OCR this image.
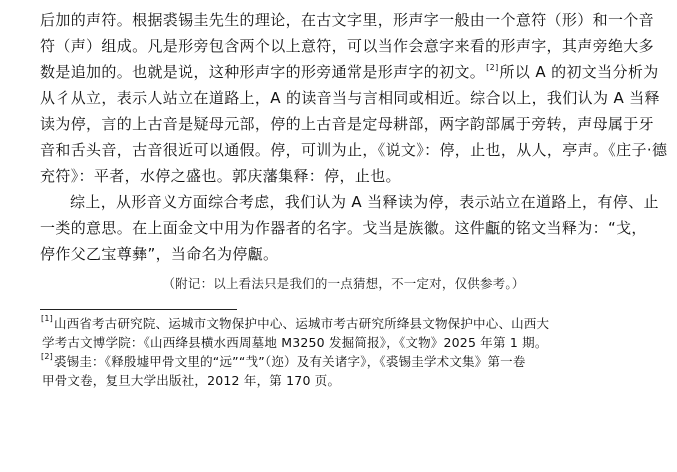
后加的声符。根据裘锡圭先生的理论，在古文字里，形声字一般由一个意符（形）和一个音
符（声）组成。凡是形旁包含两个以上意符，可以当作会意字来看的形声字，其声旁绝大多
数是追加的。也就是说，这种形声字的形旁通常是形声字的初文。[2]所以 A 的初文当分析为
从彳从立，表示人站立在道路上，A 的读音当与言相同或相近。综合以上，我们认为 A 当释
读为停，言的上古音是疑母元部，停的上古音是定母耕部，两字韵部属于旁转，声母属于牙
音和舌头音，古音很近可以通假。停，可训为止，《说文》：停，止也，从人，亭声。《庄子·德
充符》：平者，水停之盛也。郭庆藩集释：停，止也。

综上，从形音义方面综合考虑，我们认为 A 当释读为停，表示站立在道路上，有停、止
一类的意思。在上面金文中用为作器者的名字。戈当是族徽。这件甗的铭文当释为：“戈，
停作父乙宝尊彝”，当命名为停甗。

（附记：以上看法只是我们的一点猜想，不一定对，仅供参考。）
[1]山西省考古研究院、运城市文物保护中心、运城市考古研究所绛县文物保护中心、山西大
学考古文博学院：《山西绛县横水西周墓地 M3250 发掘简报》，《文物》2025 年第 1 期。
[2]裘锡圭：《释殷墟甲骨文里的“远”“𢦏”（迩）及有关诸字》，《裘锡圭学术文集》第一卷
甲骨文卷，复旦大学出版社，2012 年，第 170 页。
